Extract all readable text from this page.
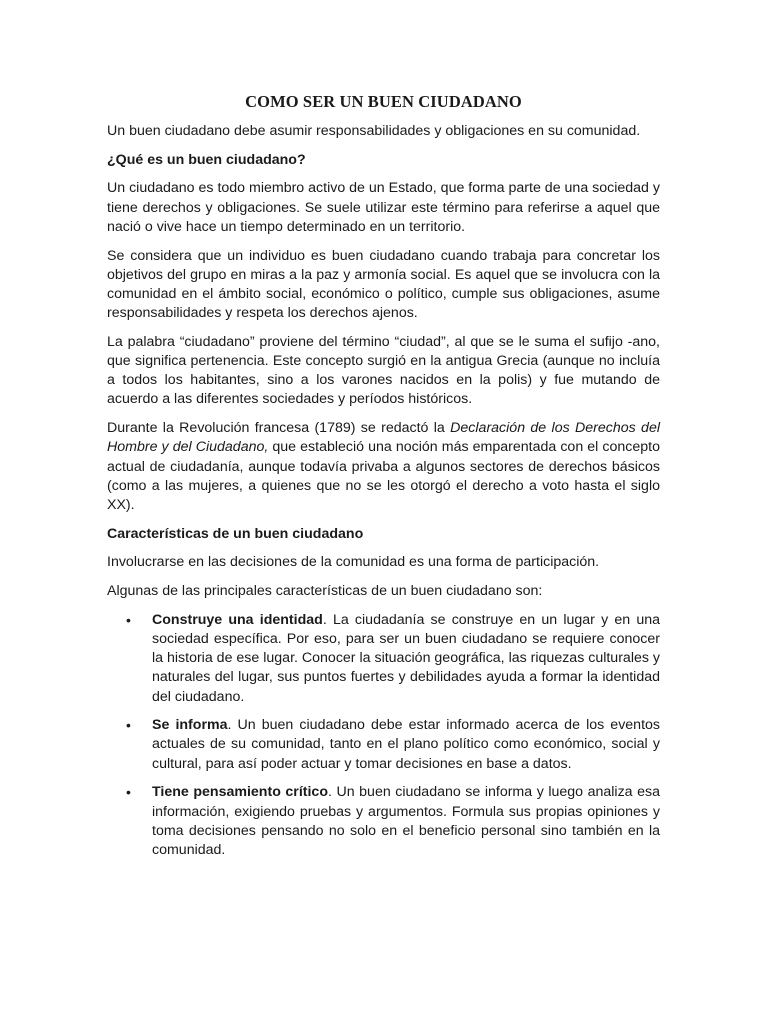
COMO SER UN BUEN CIUDADANO

Un buen ciudadano debe asumir responsabilidades y obligaciones en su comunidad.

¿Qué es un buen ciudadano?

Un ciudadano es todo miembro activo de un Estado, que forma parte de una sociedad y tiene derechos y obligaciones. Se suele utilizar este término para referirse a aquel que nació o vive hace un tiempo determinado en un territorio.

Se considera que un individuo es buen ciudadano cuando trabaja para concretar los objetivos del grupo en miras a la paz y armonía social. Es aquel que se involucra con la comunidad en el ámbito social, económico o político, cumple sus obligaciones, asume responsabilidades y respeta los derechos ajenos.

La palabra “ciudadano” proviene del término “ciudad”, al que se le suma el sufijo -ano, que significa pertenencia. Este concepto surgió en la antigua Grecia (aunque no incluía a todos los habitantes, sino a los varones nacidos en la polis) y fue mutando de acuerdo a las diferentes sociedades y períodos históricos.

Durante la Revolución francesa (1789) se redactó la Declaración de los Derechos del Hombre y del Ciudadano, que estableció una noción más emparentada con el concepto actual de ciudadanía, aunque todavía privaba a algunos sectores de derechos básicos (como a las mujeres, a quienes que no se les otorgó el derecho a voto hasta el siglo XX).

Características de un buen ciudadano

Involucrarse en las decisiones de la comunidad es una forma de participación.

Algunas de las principales características de un buen ciudadano son:

• Construye una identidad. La ciudadanía se construye en un lugar y en una sociedad específica. Por eso, para ser un buen ciudadano se requiere conocer la historia de ese lugar. Conocer la situación geográfica, las riquezas culturales y naturales del lugar, sus puntos fuertes y debilidades ayuda a formar la identidad del ciudadano.
• Se informa. Un buen ciudadano debe estar informado acerca de los eventos actuales de su comunidad, tanto en el plano político como económico, social y cultural, para así poder actuar y tomar decisiones en base a datos.
• Tiene pensamiento crítico. Un buen ciudadano se informa y luego analiza esa información, exigiendo pruebas y argumentos. Formula sus propias opiniones y toma decisiones pensando no solo en el beneficio personal sino también en la comunidad.
